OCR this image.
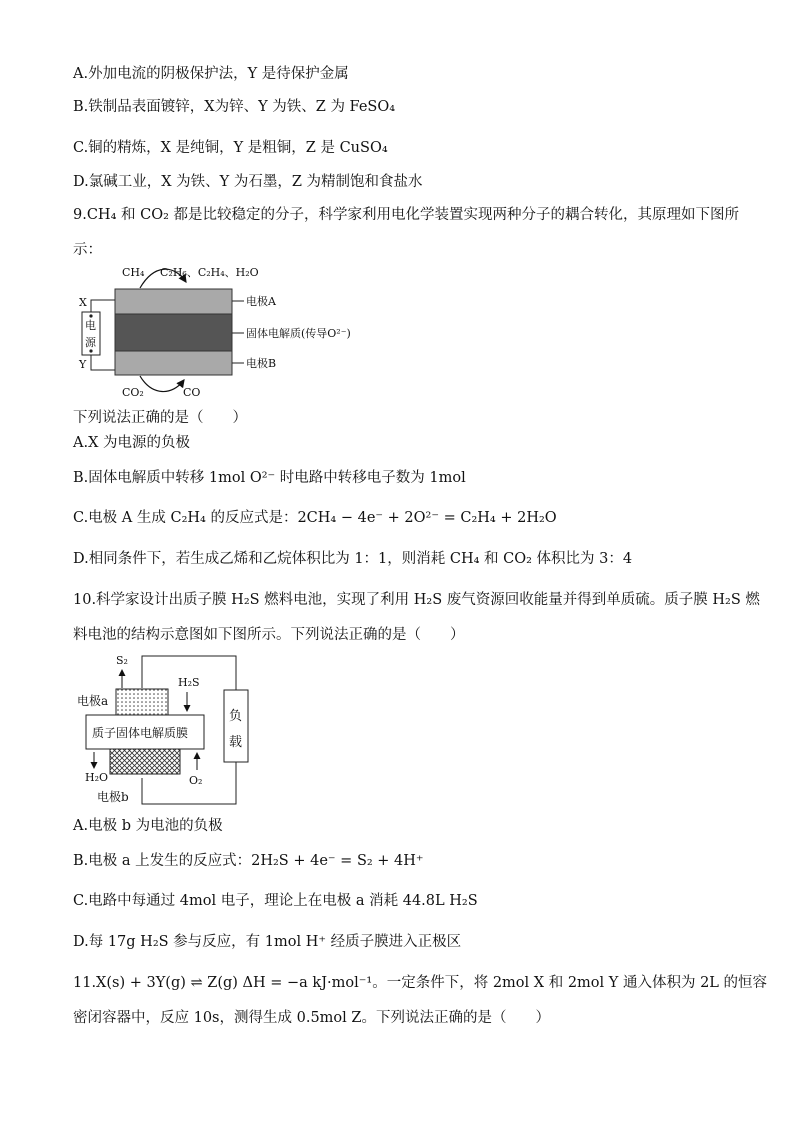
A.外加电流的阴极保护法，Y 是待保护金属
B.铁制品表面镀锌，X为锌、Y 为铁、Z 为 FeSO₄
C.铜的精炼，X 是纯铜，Y 是粗铜，Z 是 CuSO₄
D.氯碱工业，X 为铁、Y 为石墨，Z 为精制饱和食盐水
9.CH₄ 和 CO₂ 都是比较稳定的分子，科学家利用电化学装置实现两种分子的耦合转化，其原理如下图所
示：
CH₄ C₂H₆、C₂H₄、H₂O
CO₂	CO
电
源
X
Y
电极A
固体电解质(传导O²⁻)
电极B
下列说法正确的是（　　）
A.X 为电源的负极
B.固体电解质中转移 1mol O²⁻ 时电路中转移电子数为 1mol
C.电极 A 生成 C₂H₄ 的反应式是：2CH₄ − 4e⁻ + 2O²⁻ = C₂H₄ + 2H₂O
D.相同条件下，若生成乙烯和乙烷体积比为 1：1，则消耗 CH₄ 和 CO₂ 体积比为 3：4
10.科学家设计出质子膜 H₂S 燃料电池，实现了利用 H₂S 废气资源回收能量并得到单质硫。质子膜 H₂S 燃
料电池的结构示意图如下图所示。下列说法正确的是（　　）
负
载
质子固体电解质膜
S₂
H₂S
H₂O	O₂
电极a
电极b
A.电极 b 为电池的负极
B.电极 a 上发生的反应式：2H₂S + 4e⁻ = S₂ + 4H⁺
C.电路中每通过 4mol 电子，理论上在电极 a 消耗 44.8L H₂S
D.每 17g H₂S 参与反应，有 1mol H⁺ 经质子膜进入正极区
11.X(s) + 3Y(g) ⇌ Z(g) ΔH = −a kJ·mol⁻¹。一定条件下，将 2mol X 和 2mol Y 通入体积为 2L 的恒容
密闭容器中，反应 10s，测得生成 0.5mol Z。下列说法正确的是（　　）
